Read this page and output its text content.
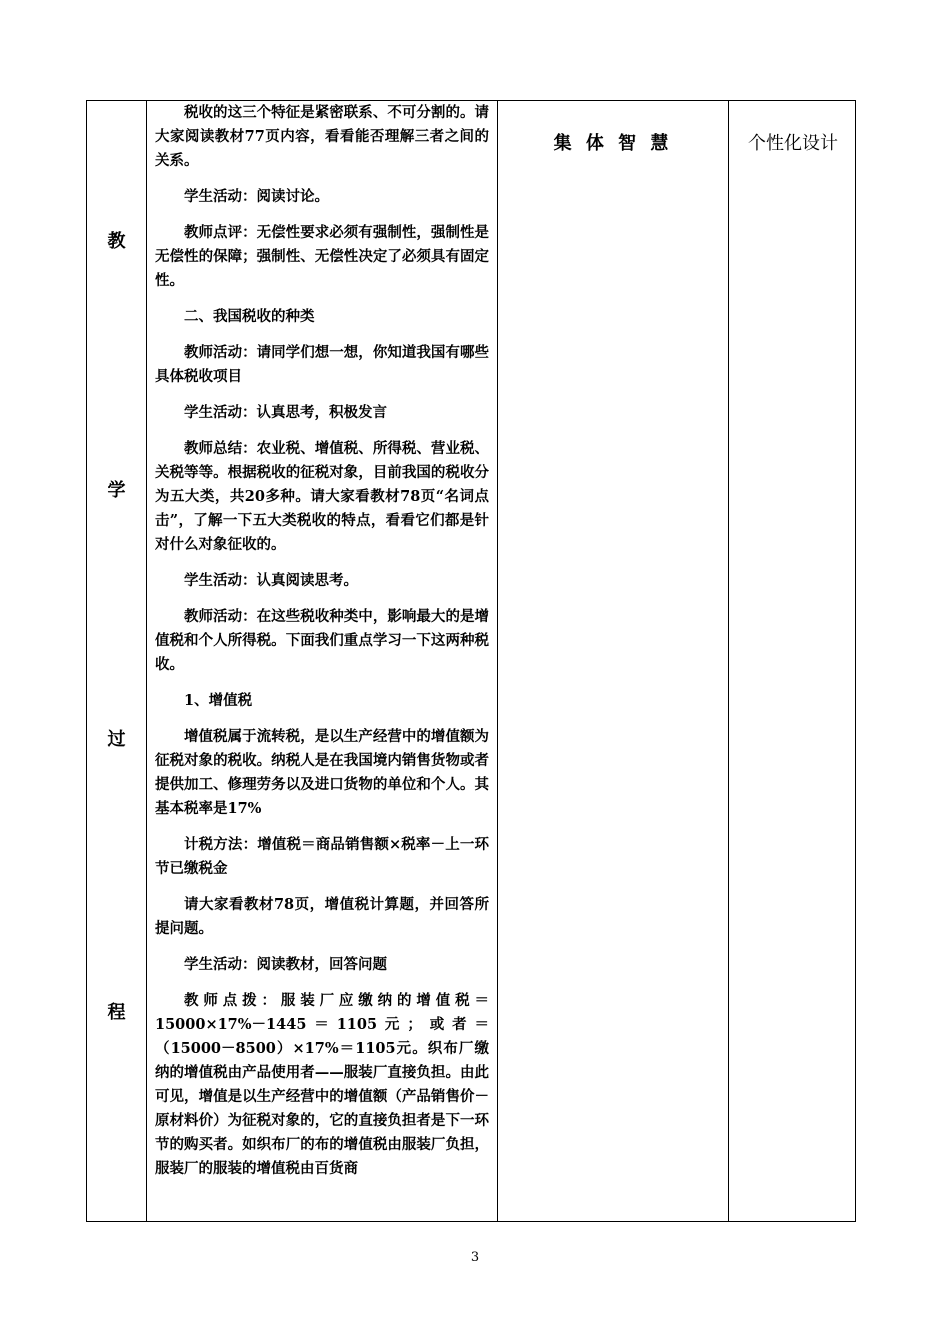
教
学
过
程

税收的这三个特征是紧密联系、不可分割的。请大家阅读教材77页内容，看看能否理解三者之间的关系。

学生活动：阅读讨论。

教师点评：无偿性要求必须有强制性，强制性是无偿性的保障；强制性、无偿性决定了必须具有固定性。

二、我国税收的种类

教师活动：请同学们想一想，你知道我国有哪些具体税收项目

学生活动：认真思考，积极发言

教师总结：农业税、增值税、所得税、营业税、关税等等。根据税收的征税对象，目前我国的税收分为五大类，共20多种。请大家看教材78页“名词点击”，了解一下五大类税收的特点，看看它们都是针对什么对象征收的。

学生活动：认真阅读思考。

教师活动：在这些税收种类中，影响最大的是增值税和个人所得税。下面我们重点学习一下这两种税收。

1、增值税

增值税属于流转税，是以生产经营中的增值额为征税对象的税收。纳税人是在我国境内销售货物或者提供加工、修理劳务以及进口货物的单位和个人。其基本税率是17%

计税方法：增值税＝商品销售额×税率－上一环节已缴税金

请大家看教材78页，增值税计算题，并回答所提问题。

学生活动：阅读教材，回答问题

教师点拨：服装厂应缴纳的增值税＝15000×17%－1445＝1105元；或者＝（15000－8500）×17%＝1105元。织布厂缴纳的增值税由产品使用者——服装厂直接负担。由此可见，增值是以生产经营中的增值额（产品销售价－原材料价）为征税对象的，它的直接负担者是下一环节的购买者。如织布厂的布的增值税由服装厂负担，服装厂的服装的增值税由百货商

集 体 智 慧	个性化设计
3
